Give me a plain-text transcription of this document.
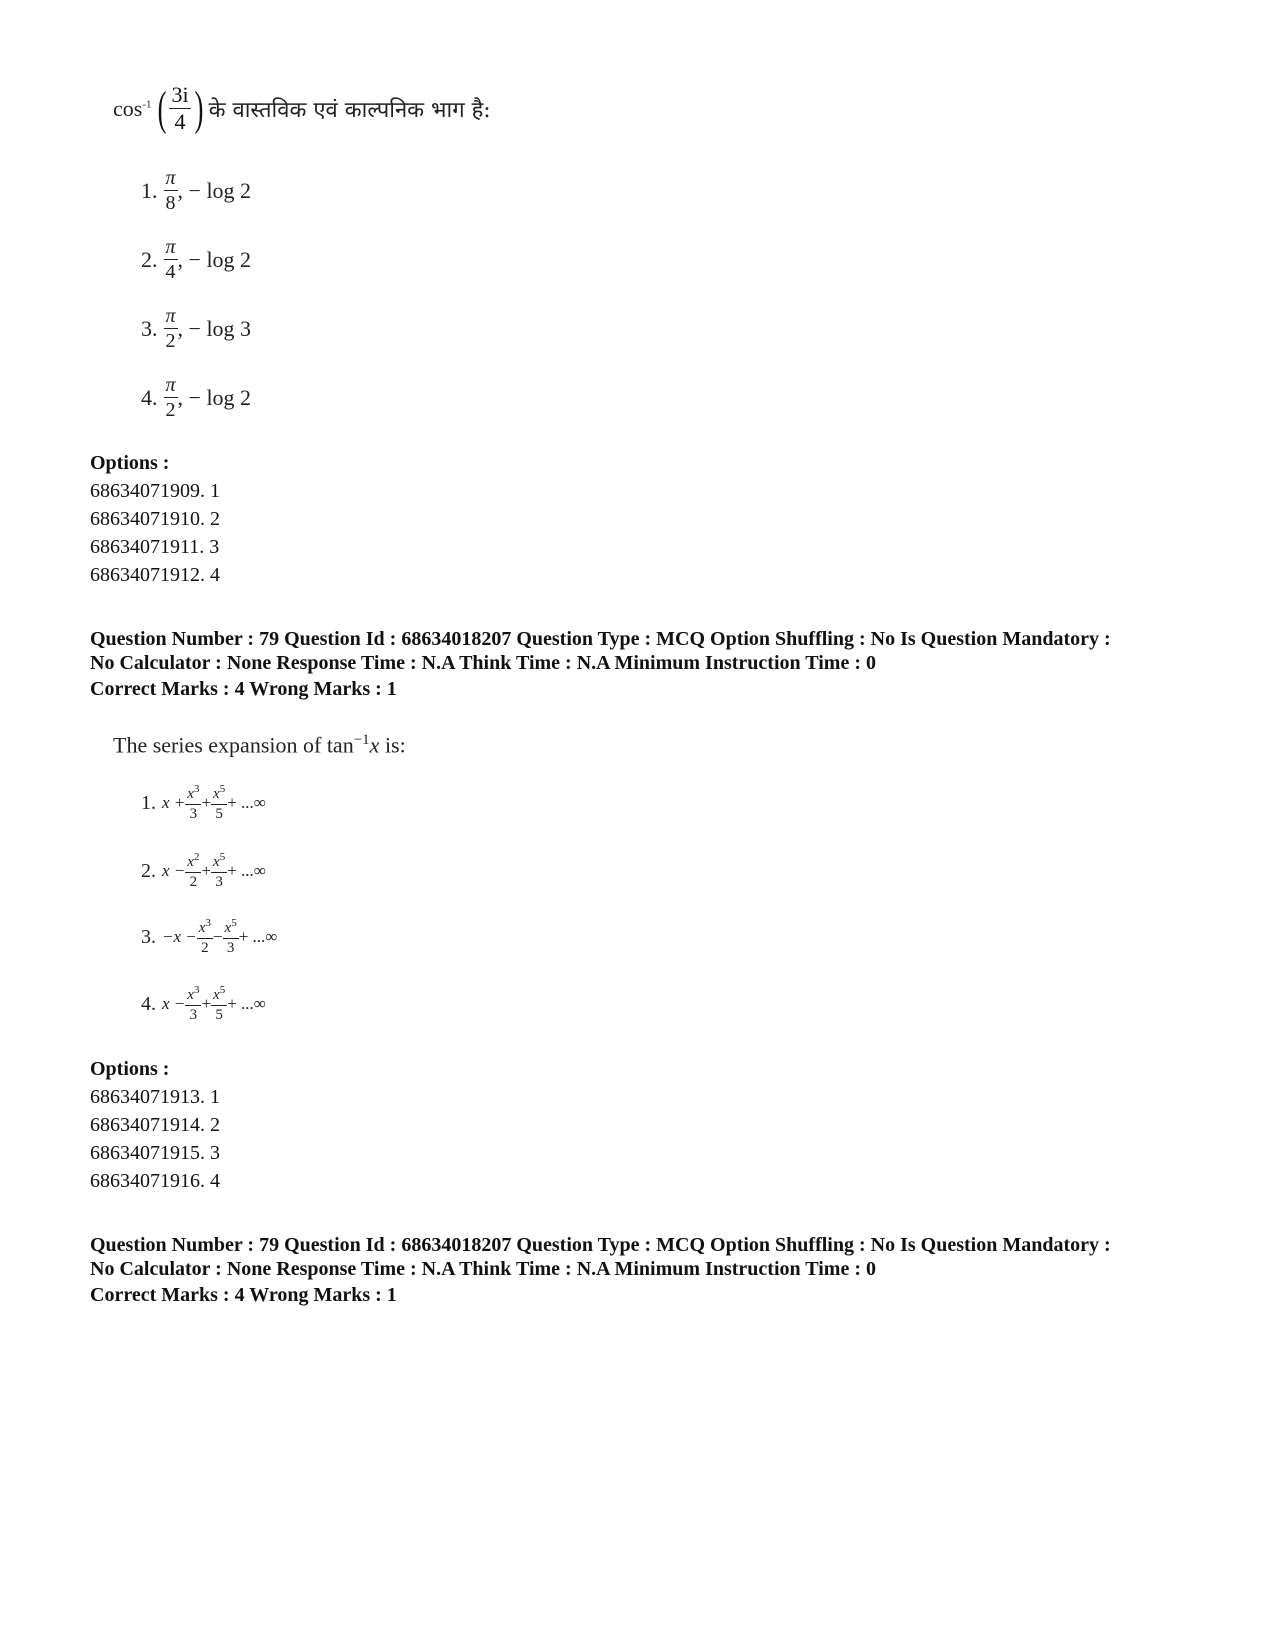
$\cos^{-1}$ ( $\frac{3i}{4}$ ) के वास्तविक एवं काल्पनिक भाग है:
1. $\frac{\pi}{8}$ , − log 2
2. $\frac{\pi}{4}$ , − log 2
3. $\frac{\pi}{2}$ , − log 3
4. $\frac{\pi}{2}$ , − log 2
Options :
68634071909. 1
68634071910. 2
68634071911. 3
68634071912. 4
Question Number : 79 Question Id : 68634018207 Question Type : MCQ Option Shuffling : No Is Question Mandatory :
No Calculator : None Response Time : N.A Think Time : N.A Minimum Instruction Time : 0
Correct Marks : 4 Wrong Marks : 1
The series expansion of $\tan^{-1}x$ is:
1. $x + \frac{x^3}{3} + \frac{x^5}{5}$ + ...∞
2. $x - \frac{x^2}{2} + \frac{x^5}{3}$ + ...∞
3. $-x - \frac{x^3}{2} - \frac{x^5}{3}$ + ...∞
4. $x - \frac{x^3}{3} + \frac{x^5}{5}$ + ...∞
Options :
68634071913. 1
68634071914. 2
68634071915. 3
68634071916. 4
Question Number : 79 Question Id : 68634018207 Question Type : MCQ Option Shuffling : No Is Question Mandatory :
No Calculator : None Response Time : N.A Think Time : N.A Minimum Instruction Time : 0
Correct Marks : 4 Wrong Marks : 1
